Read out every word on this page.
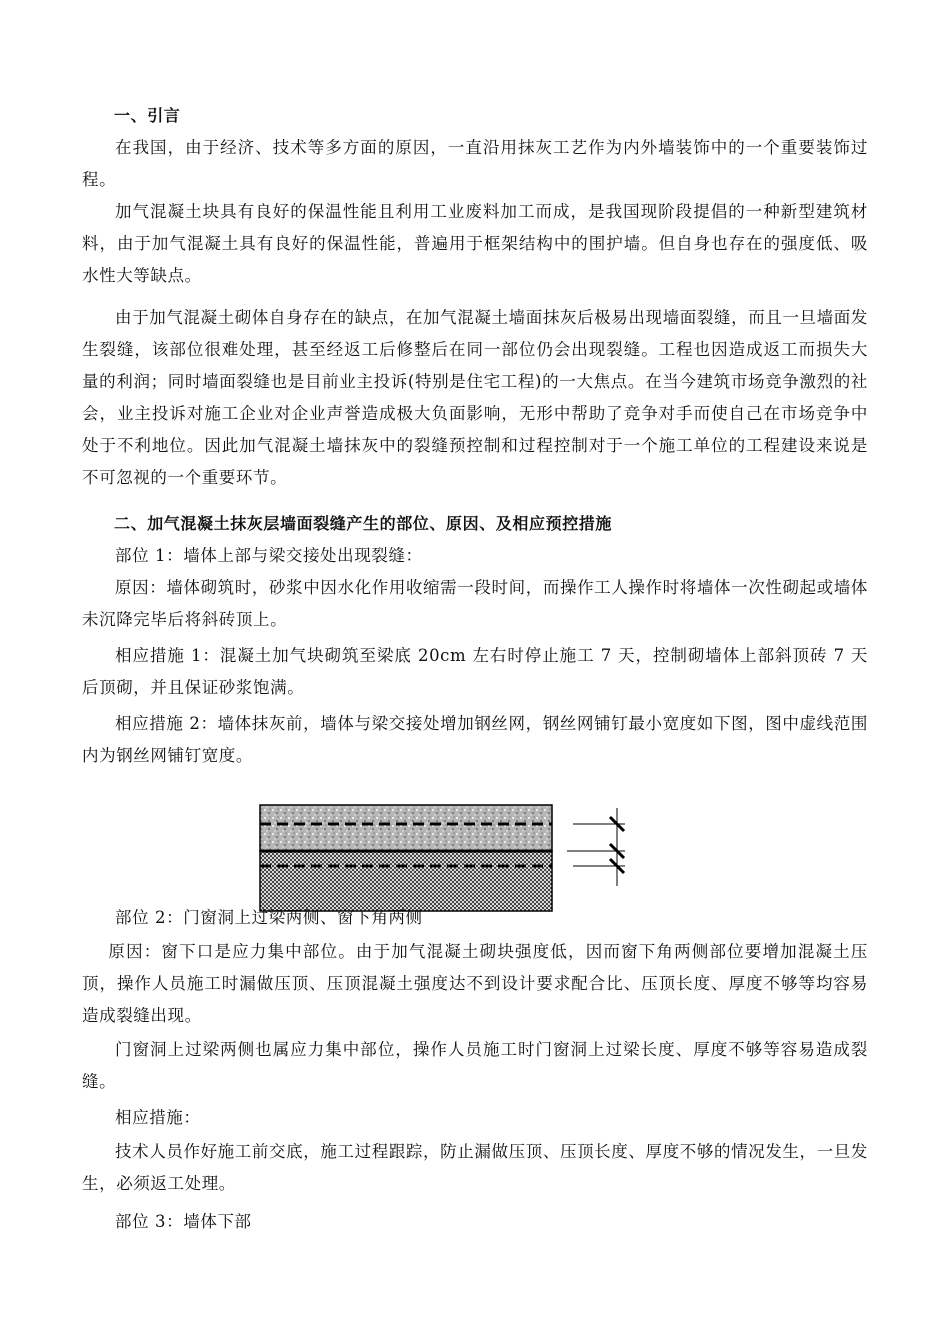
一、引言

在我国，由于经济、技术等多方面的原因，一直沿用抹灰工艺作为内外墙装饰中的一个重要装饰过程。

加气混凝土块具有良好的保温性能且利用工业废料加工而成，是我国现阶段提倡的一种新型建筑材料，由于加气混凝土具有良好的保温性能，普遍用于框架结构中的围护墙。但自身也存在的强度低、吸水性大等缺点。

由于加气混凝土砌体自身存在的缺点，在加气混凝土墙面抹灰后极易出现墙面裂缝，而且一旦墙面发生裂缝，该部位很难处理，甚至经返工后修整后在同一部位仍会出现裂缝。工程也因造成返工而损失大量的利润；同时墙面裂缝也是目前业主投诉(特别是住宅工程)的一大焦点。在当今建筑市场竞争激烈的社会，业主投诉对施工企业对企业声誉造成极大负面影响，无形中帮助了竞争对手而使自己在市场竞争中处于不利地位。因此加气混凝土墙抹灰中的裂缝预控制和过程控制对于一个施工单位的工程建设来说是不可忽视的一个重要环节。

二、加气混凝土抹灰层墙面裂缝产生的部位、原因、及相应预控措施

部位 1：墙体上部与梁交接处出现裂缝：

原因：墙体砌筑时，砂浆中因水化作用收缩需一段时间，而操作工人操作时将墙体一次性砌起或墙体未沉降完毕后将斜砖顶上。

相应措施 1：混凝土加气块砌筑至梁底 20cm 左右时停止施工 7 天，控制砌墙体上部斜顶砖 7 天后顶砌，并且保证砂浆饱满。

相应措施 2：墙体抹灰前，墙体与梁交接处增加钢丝网，钢丝网铺钉最小宽度如下图，图中虚线范围内为钢丝网铺钉宽度。

部位 2：门窗洞上过梁两侧、窗下角两侧

原因：窗下口是应力集中部位。由于加气混凝土砌块强度低，因而窗下角两侧部位要增加混凝土压顶，操作人员施工时漏做压顶、压顶混凝土强度达不到设计要求配合比、压顶长度、厚度不够等均容易造成裂缝出现。

门窗洞上过梁两侧也属应力集中部位，操作人员施工时门窗洞上过梁长度、厚度不够等容易造成裂缝。

相应措施：

技术人员作好施工前交底，施工过程跟踪，防止漏做压顶、压顶长度、厚度不够的情况发生，一旦发生，必须返工处理。

部位 3：墙体下部
